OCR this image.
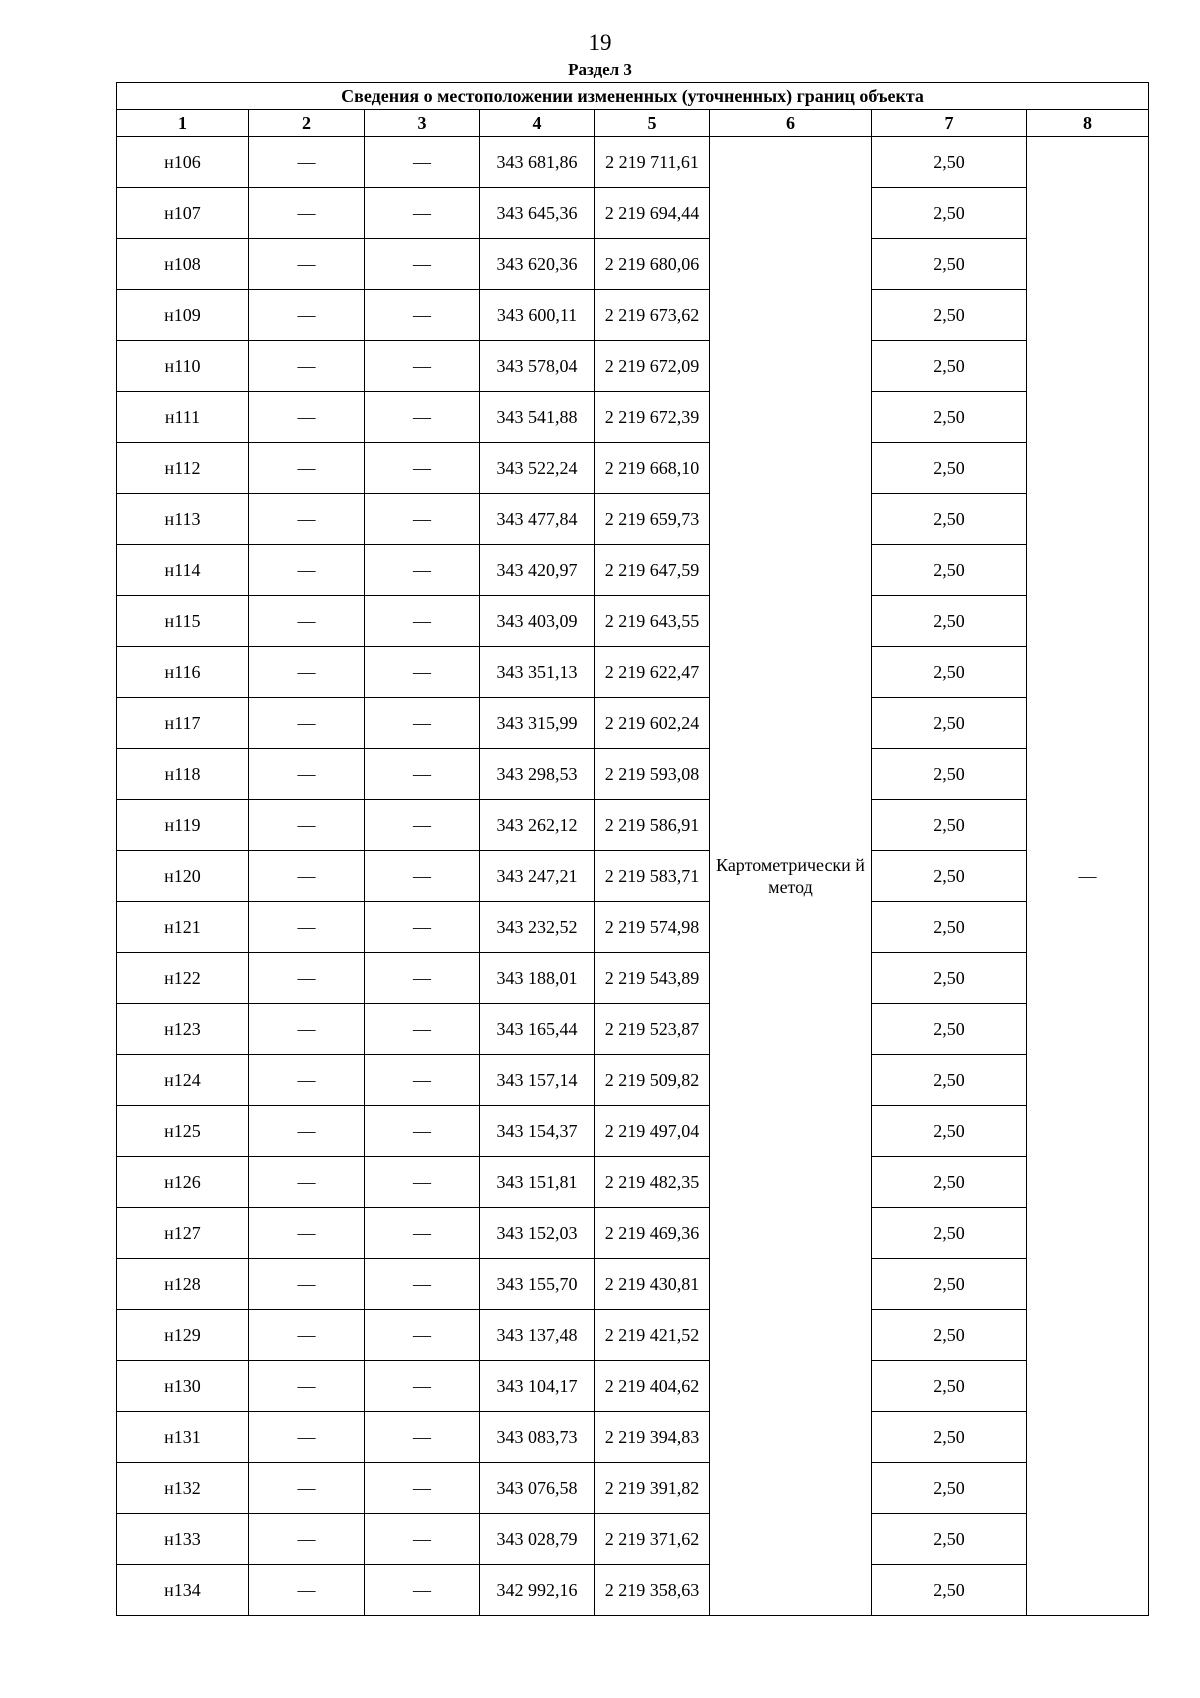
19
Раздел 3
Сведения о местоположении измененных (уточненных) границ объекта							
1	2	3	4	5	6	7	8
н106	—	—	343 681,86	2 219 711,61	Картометрически й метод	2,50	—
н107	—	—	343 645,36	2 219 694,44		2,50	
н108	—	—	343 620,36	2 219 680,06		2,50	
н109	—	—	343 600,11	2 219 673,62		2,50	
н110	—	—	343 578,04	2 219 672,09		2,50	
н111	—	—	343 541,88	2 219 672,39		2,50	
н112	—	—	343 522,24	2 219 668,10		2,50	
н113	—	—	343 477,84	2 219 659,73		2,50	
н114	—	—	343 420,97	2 219 647,59		2,50	
н115	—	—	343 403,09	2 219 643,55		2,50	
н116	—	—	343 351,13	2 219 622,47		2,50	
н117	—	—	343 315,99	2 219 602,24		2,50	
н118	—	—	343 298,53	2 219 593,08		2,50	
н119	—	—	343 262,12	2 219 586,91		2,50	
н120	—	—	343 247,21	2 219 583,71		2,50	
н121	—	—	343 232,52	2 219 574,98		2,50	
н122	—	—	343 188,01	2 219 543,89		2,50	
н123	—	—	343 165,44	2 219 523,87		2,50	
н124	—	—	343 157,14	2 219 509,82		2,50	
н125	—	—	343 154,37	2 219 497,04		2,50	
н126	—	—	343 151,81	2 219 482,35		2,50	
н127	—	—	343 152,03	2 219 469,36		2,50	
н128	—	—	343 155,70	2 219 430,81		2,50	
н129	—	—	343 137,48	2 219 421,52		2,50	
н130	—	—	343 104,17	2 219 404,62		2,50	
н131	—	—	343 083,73	2 219 394,83		2,50	
н132	—	—	343 076,58	2 219 391,82		2,50	
н133	—	—	343 028,79	2 219 371,62		2,50	
н134	—	—	342 992,16	2 219 358,63		2,50	
